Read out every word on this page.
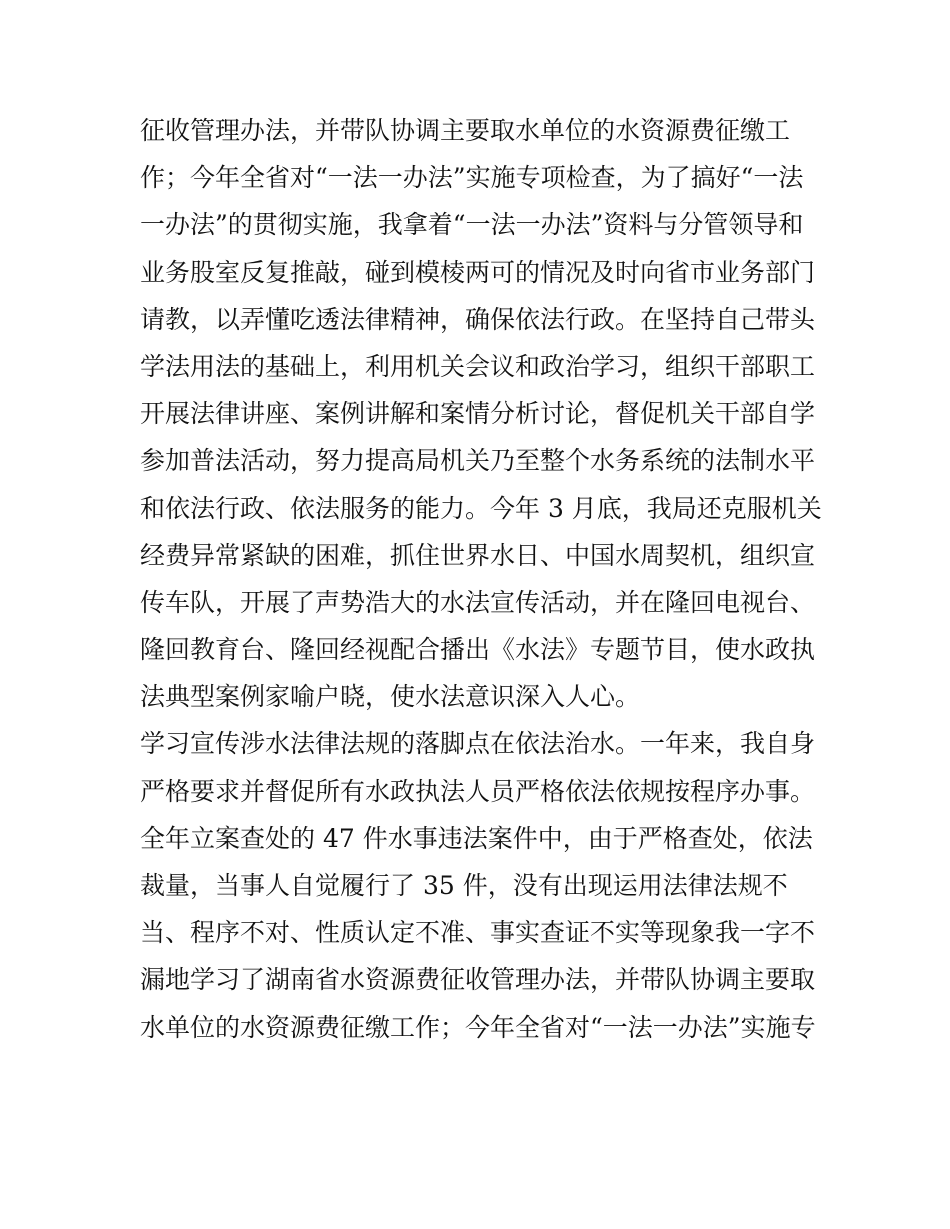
征收管理办法，并带队协调主要取水单位的水资源费征缴工
作；今年全省对“一法一办法”实施专项检查，为了搞好“一法
一办法”的贯彻实施，我拿着“一法一办法”资料与分管领导和
业务股室反复推敲，碰到模棱两可的情况及时向省市业务部门
请教，以弄懂吃透法律精神，确保依法行政。在坚持自己带头
学法用法的基础上，利用机关会议和政治学习，组织干部职工
开展法律讲座、案例讲解和案情分析讨论，督促机关干部自学
参加普法活动，努力提高局机关乃至整个水务系统的法制水平
和依法行政、依法服务的能力。今年 3 月底，我局还克服机关
经费异常紧缺的困难，抓住世界水日、中国水周契机，组织宣
传车队，开展了声势浩大的水法宣传活动，并在隆回电视台、
隆回教育台、隆回经视配合播出《水法》专题节目，使水政执
法典型案例家喻户晓，使水法意识深入人心。
学习宣传涉水法律法规的落脚点在依法治水。一年来，我自身
严格要求并督促所有水政执法人员严格依法依规按程序办事。
全年立案查处的 47 件水事违法案件中，由于严格查处，依法
裁量，当事人自觉履行了 35 件，没有出现运用法律法规不
当、程序不对、性质认定不准、事实查证不实等现象我一字不
漏地学习了湖南省水资源费征收管理办法，并带队协调主要取
水单位的水资源费征缴工作；今年全省对“一法一办法”实施专
